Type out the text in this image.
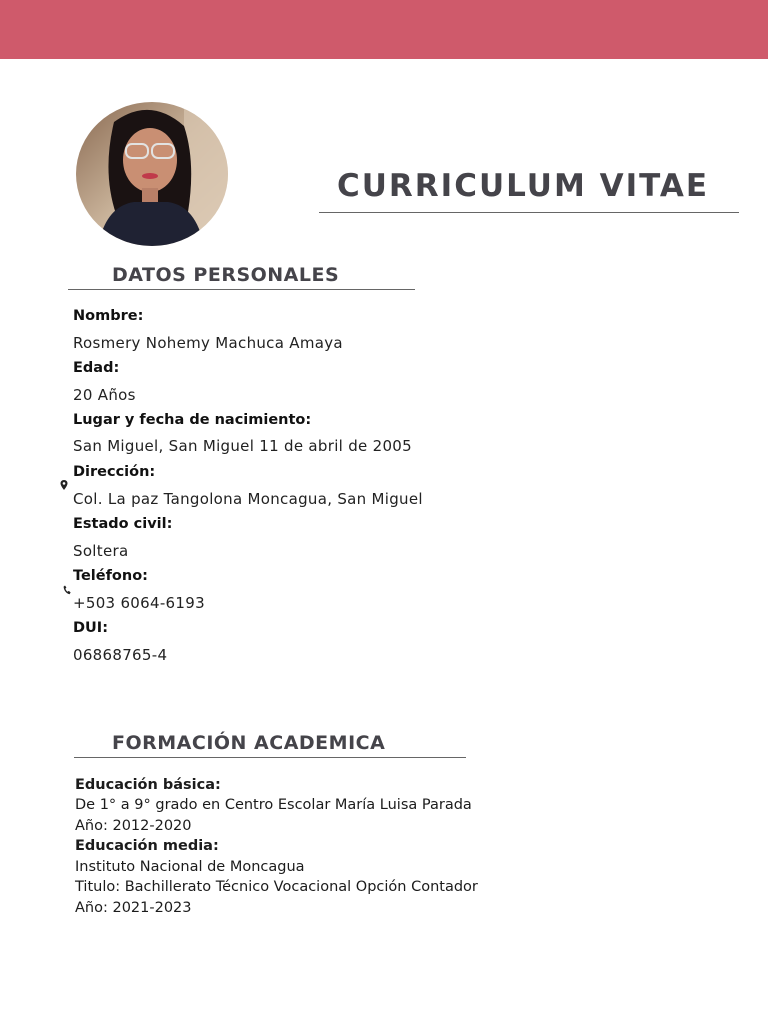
CURRICULUM VITAE
DATOS PERSONALES
Nombre:
Rosmery Nohemy Machuca Amaya
Edad:
20 Años
Lugar y fecha de nacimiento:
San Miguel, San Miguel 11 de abril de 2005
Dirección:
Col. La paz Tangolona Moncagua, San Miguel
Estado civil:
Soltera
Teléfono:
+503 6064-6193
DUI:
06868765-4
FORMACIÓN ACADEMICA
Educación básica:
De 1° a 9° grado en Centro Escolar María Luisa Parada
Año: 2012-2020
Educación media:
Instituto Nacional de Moncagua
Titulo: Bachillerato Técnico Vocacional Opción Contador
Año: 2021-2023
